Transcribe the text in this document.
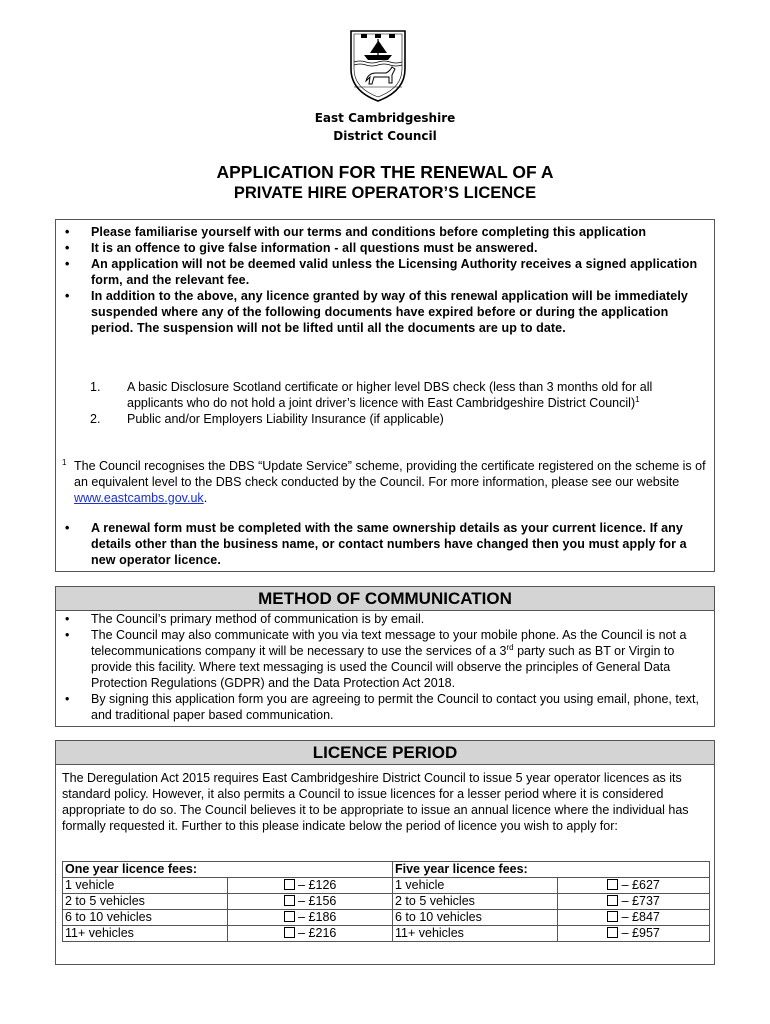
East Cambridgeshire
District Council
APPLICATION FOR THE RENEWAL OF A
PRIVATE HIRE OPERATOR’S LICENCE
• Please familiarise yourself with our terms and conditions before completing this application
• It is an offence to give false information - all questions must be answered.
• An application will not be deemed valid unless the Licensing Authority receives a signed application form, and the relevant fee.
• In addition to the above, any licence granted by way of this renewal application will be immediately suspended where any of the following documents have expired before or during the application period. The suspension will not be lifted until all the documents are up to date.
1. A basic Disclosure Scotland certificate or higher level DBS check (less than 3 months old for all applicants who do not hold a joint driver’s licence with East Cambridgeshire District Council)$^1$
2. Public and/or Employers Liability Insurance (if applicable)
1 The Council recognises the DBS “Update Service” scheme, providing the certificate registered on the scheme is of an equivalent level to the DBS check conducted by the Council. For more information, please see our website www.eastcambs.gov.uk.
• A renewal form must be completed with the same ownership details as your current licence. If any details other than the business name, or contact numbers have changed then you must apply for a new operator licence.
METHOD OF COMMUNICATION
• The Council’s primary method of communication is by email.
• The Council may also communicate with you via text message to your mobile phone. As the Council is not a telecommunications company it will be necessary to use the services of a 3rd party such as BT or Virgin to provide this facility. Where text messaging is used the Council will observe the principles of General Data Protection Regulations (GDPR) and the Data Protection Act 2018.
• By signing this application form you are agreeing to permit the Council to contact you using email, phone, text, and traditional paper based communication.
LICENCE PERIOD
The Deregulation Act 2015 requires East Cambridgeshire District Council to issue 5 year operator licences as its standard policy. However, it also permits a Council to issue licences for a lesser period where it is considered appropriate to do so. The Council believes it to be appropriate to issue an annual licence where the individual has formally requested it. Further to this please indicate below the period of licence you wish to apply for:
One year licence fees:		Five year licence fees:	
1 vehicle	– £126	1 vehicle	– £627
2 to 5 vehicles	– £156	2 to 5 vehicles	– £737
6 to 10 vehicles	– £186	6 to 10 vehicles	– £847
11+ vehicles	– £216	11+ vehicles	– £957
